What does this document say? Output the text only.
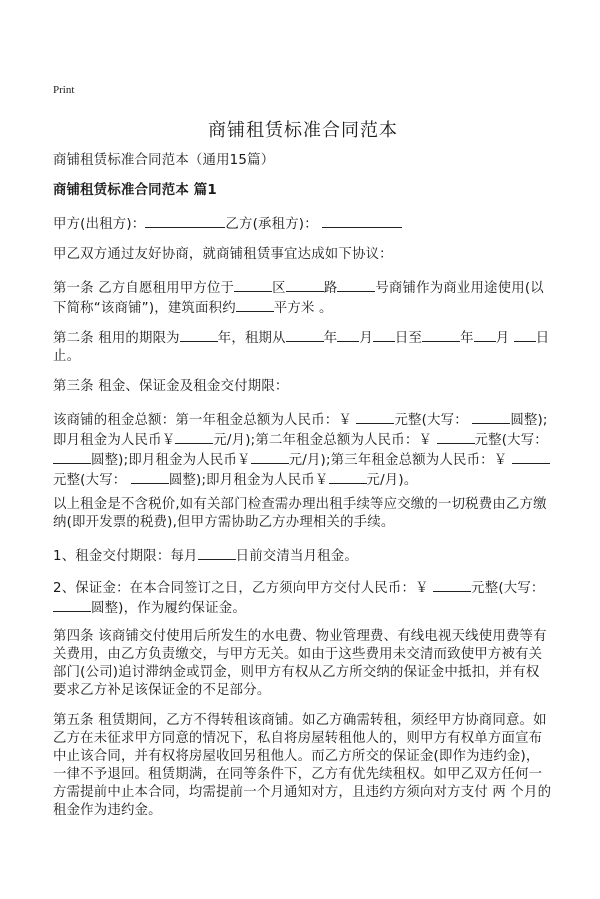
Print
商铺租赁标准合同范本

商铺租赁标准合同范本（通用15篇）

商铺租赁标准合同范本 篇1

甲方(出租方)：	乙方(承租方)：

甲乙双方通过友好协商，就商铺租赁事宜达成如下协议：

第一条 乙方自愿租用甲方位于	区	路	号商铺作为商业用途使用(以下简称“该商铺”)，建筑面积约	平方米 。

第二条 租用的期限为	年，租期从	年 月 日至	年 月 日止。

第三条 租金、保证金及租金交付期限：

该商铺的租金总额：第一年租金总额为人民币：￥	元整(大写：	圆整);即月租金为人民币￥	元/月);第二年租金总额为人民币：￥	元整(大写：圆整);即月租金为人民币￥	元/月);第三年租金总额为人民币：￥ 元整(大写：	圆整);即月租金为人民币￥	元/月)。

以上租金是不含税价,如有关部门检查需办理出租手续等应交缴的一切税费由乙方缴纳(即开发票的税费),但甲方需协助乙方办理相关的手续。

1、租金交付期限：每月	日前交清当月租金。

2、保证金：在本合同签订之日，乙方须向甲方交付人民币：￥	元整(大写： 圆整)，作为履约保证金。

第四条 该商铺交付使用后所发生的水电费、物业管理费、有线电视天线使用费等有关费用，由乙方负责缴交，与甲方无关。如由于这些费用未交清而致使甲方被有关部门(公司)追讨滞纳金或罚金，则甲方有权从乙方所交纳的保证金中抵扣，并有权要求乙方补足该保证金的不足部分。

第五条 租赁期间，乙方不得转租该商铺。如乙方确需转租，须经甲方协商同意。如乙方在未征求甲方同意的情况下，私自将房屋转租他人的，则甲方有权单方面宣布中止该合同，并有权将房屋收回另租他人。而乙方所交的保证金(即作为违约金)，一律不予退回。租赁期满，在同等条件下，乙方有优先续租权。如甲乙双方任何一方需提前中止本合同，均需提前一个月通知对方，且违约方须向对方支付 两 个月的租金作为违约金。
